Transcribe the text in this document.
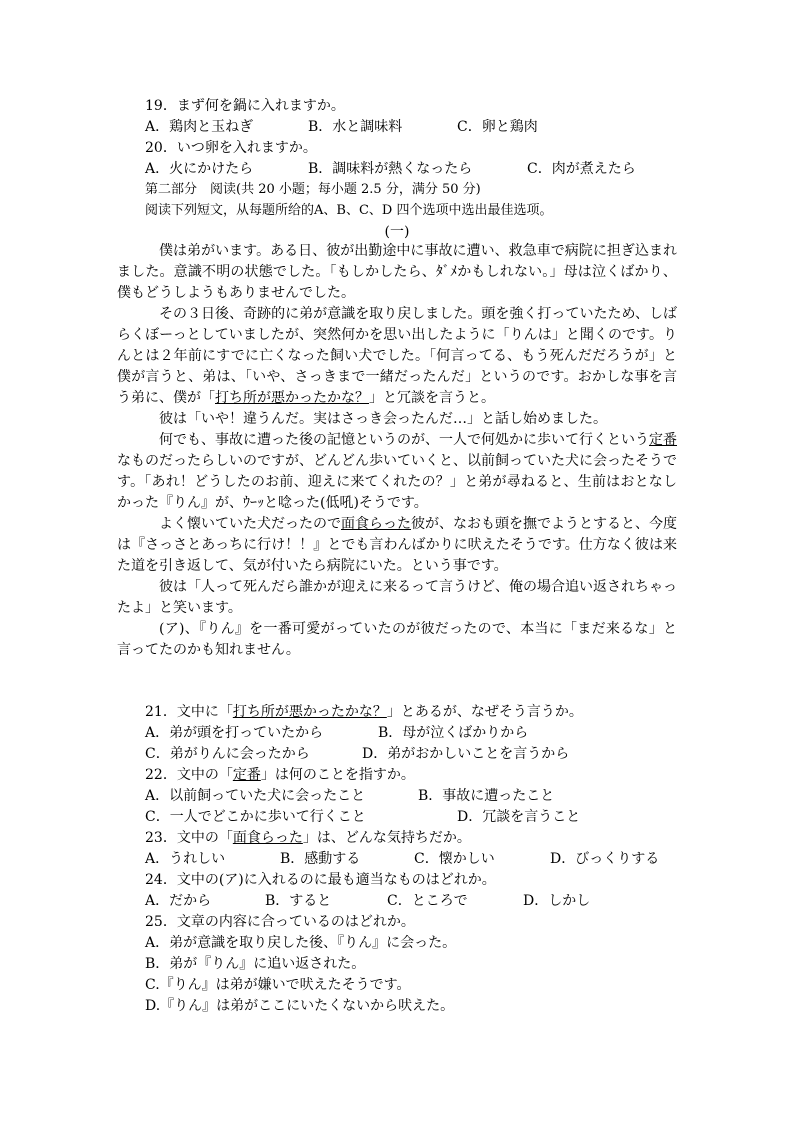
19．まず何を鍋に入れますか。
A．鶏肉と玉ねぎ	B．水と調味料	C．卵と鶏肉
20．いつ卵を入れますか。
A．火にかけたら	B．調味料が熱くなったら	C．肉が煮えたら
第二部分　阅读(共 20 小题；每小题 2.5 分，满分 50 分)
阅读下列短文，从每题所给的A、B、C、D 四个选项中选出最佳选项。
(一)

僕は弟がいます。ある日、彼が出勤途中に事故に遭い、救急車で病院に担ぎ込まれました。意識不明の状態でした。「もしかしたら、ﾀﾞﾒかもしれない。」母は泣くばかり、僕もどうしようもありませんでした。

その３日後、奇跡的に弟が意識を取り戻しました。頭を強く打っていたため、しばらくぼーっとしていましたが、突然何かを思い出したように「りんは」と聞くのです。りんとは２年前にすでに亡くなった飼い犬でした。「何言ってる、もう死んだだろうが」と僕が言うと、弟は、「いや、さっきまで一緒だったんだ」というのです。おかしな事を言う弟に、僕が「打ち所が悪かったかな？」と冗談を言うと。

彼は「いや！違うんだ。実はさっき会ったんだ…」と話し始めました。

何でも、事故に遭った後の記憶というのが、一人で何処かに歩いて行くという定番なものだったらしいのですが、どんどん歩いていくと、以前飼っていた犬に会ったそうです。「あれ！どうしたのお前、迎えに来てくれたの？」と弟が尋ねると、生前はおとなしかった『りん』が、ｳｰｯと唸った(低吼)そうです。

よく懐いていた犬だったので面食らった彼が、なおも頭を撫でようとすると、今度は『さっさとあっちに行け！！』とでも言わんばかりに吠えたそうです。仕方なく彼は来た道を引き返して、気が付いたら病院にいた。という事です。

彼は「人って死んだら誰かが迎えに来るって言うけど、俺の場合追い返されちゃったよ」と笑います。

(ア)、『りん』を一番可愛がっていたのが彼だったので、本当に「まだ来るな」と言ってたのかも知れません。

21．文中に「打ち所が悪かったかな？」とあるが、なぜそう言うか。
A．弟が頭を打っていたから	B．母が泣くばかりから
C．弟がりんに会ったから	D．弟がおかしいことを言うから
22．文中の「定番」は何のことを指すか。
A．以前飼っていた犬に会ったこと	B．事故に遭ったこと
C．一人でどこかに歩いて行くこと	D．冗談を言うこと
23．文中の「面食らった」は、どんな気持ちだか。
A．うれしい	B．感動する	C．懐かしい	D．びっくりする
24．文中の(ア)に入れるのに最も適当なものはどれか。
A．だから	B．すると	C．ところで	D．しかし
25．文章の内容に合っているのはどれか。
A．弟が意識を取り戻した後、『りん』に会った。
B．弟が『りん』に追い返された。
C.『りん』は弟が嫌いで吠えたそうです。
D.『りん』は弟がここにいたくないから吠えた。
